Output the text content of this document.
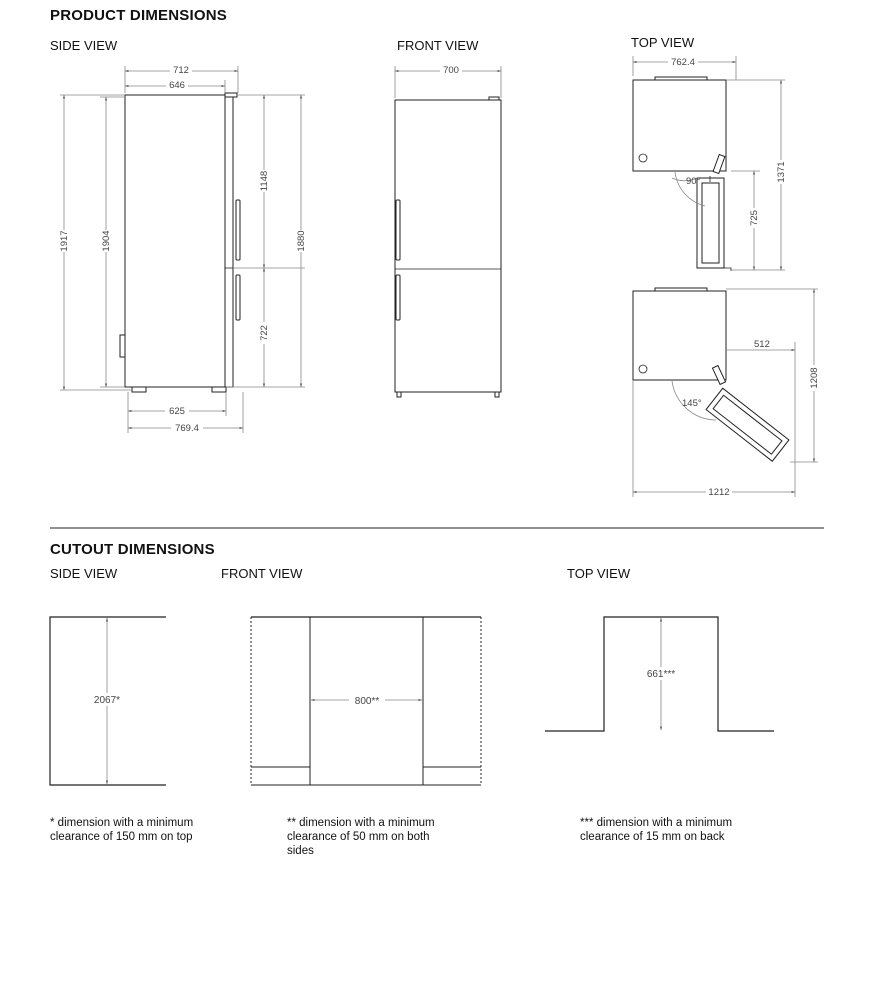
PRODUCT DIMENSIONS
SIDE VIEW	FRONT VIEW	TOP VIEW
CUTOUT DIMENSIONS
SIDE VIEW	FRONT VIEW	TOP VIEW
* dimension with a minimum clearance of 150 mm on top
** dimension with a minimum clearance of 50 mm on both sides
*** dimension with a minimum clearance of 15 mm on back
712
646
1917	1904
1148
722
1880
625
769.4
700
90°
762.4
1371
725
145°
512
1208
1212
2067*	800**
661***
